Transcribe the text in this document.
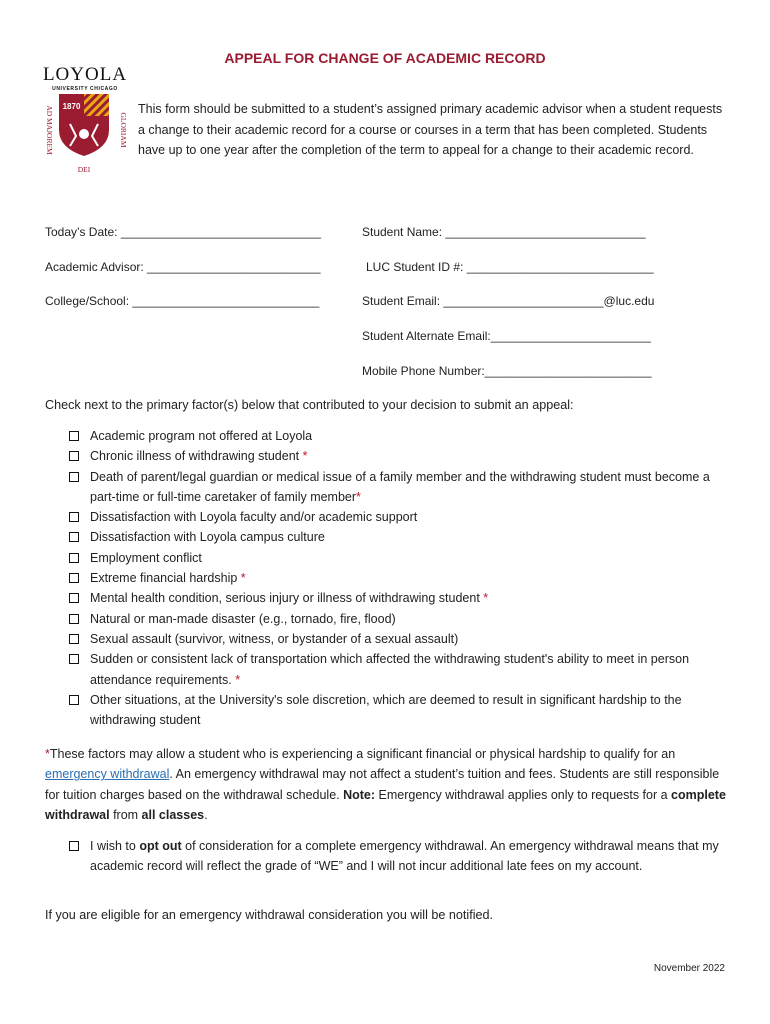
LOYOLA
UNIVERSITY CHICAGO
1870
AD MAJOREM	GLORIAM
DEI
APPEAL FOR CHANGE OF ACADEMIC RECORD
This form should be submitted to a student’s assigned primary academic advisor when a student requests a change to their academic record for a course or courses in a term that has been completed. Students have up to one year after the completion of the term to appeal for a change to their academic record.
Today’s Date: ______________________________	Student Name: ______________________________
Academic Advisor: __________________________	LUC Student ID #: ____________________________
College/School: ____________________________	Student Email: ________________________@luc.edu
Student Alternate Email:________________________
Mobile Phone Number:_________________________
Check next to the primary factor(s) below that contributed to your decision to submit an appeal:
Academic program not offered at Loyola
Chronic illness of withdrawing student *
Death of parent/legal guardian or medical issue of a family member and the withdrawing student must become a part-time or full-time caretaker of family member*
Dissatisfaction with Loyola faculty and/or academic support
Dissatisfaction with Loyola campus culture
Employment conflict
Extreme financial hardship *
Mental health condition, serious injury or illness of withdrawing student *
Natural or man-made disaster (e.g., tornado, fire, flood)
Sexual assault (survivor, witness, or bystander of a sexual assault)
Sudden or consistent lack of transportation which affected the withdrawing student's ability to meet in person attendance requirements. *
Other situations, at the University's sole discretion, which are deemed to result in significant hardship to the withdrawing student
*These factors may allow a student who is experiencing a significant financial or physical hardship to qualify for an emergency withdrawal. An emergency withdrawal may not affect a student’s tuition and fees. Students are still responsible for tuition charges based on the withdrawal schedule. Note: Emergency withdrawal applies only to requests for a complete withdrawal from all classes.
I wish to opt out of consideration for a complete emergency withdrawal. An emergency withdrawal means that my academic record will reflect the grade of “WE” and I will not incur additional late fees on my account.
If you are eligible for an emergency withdrawal consideration you will be notified.
November 2022
